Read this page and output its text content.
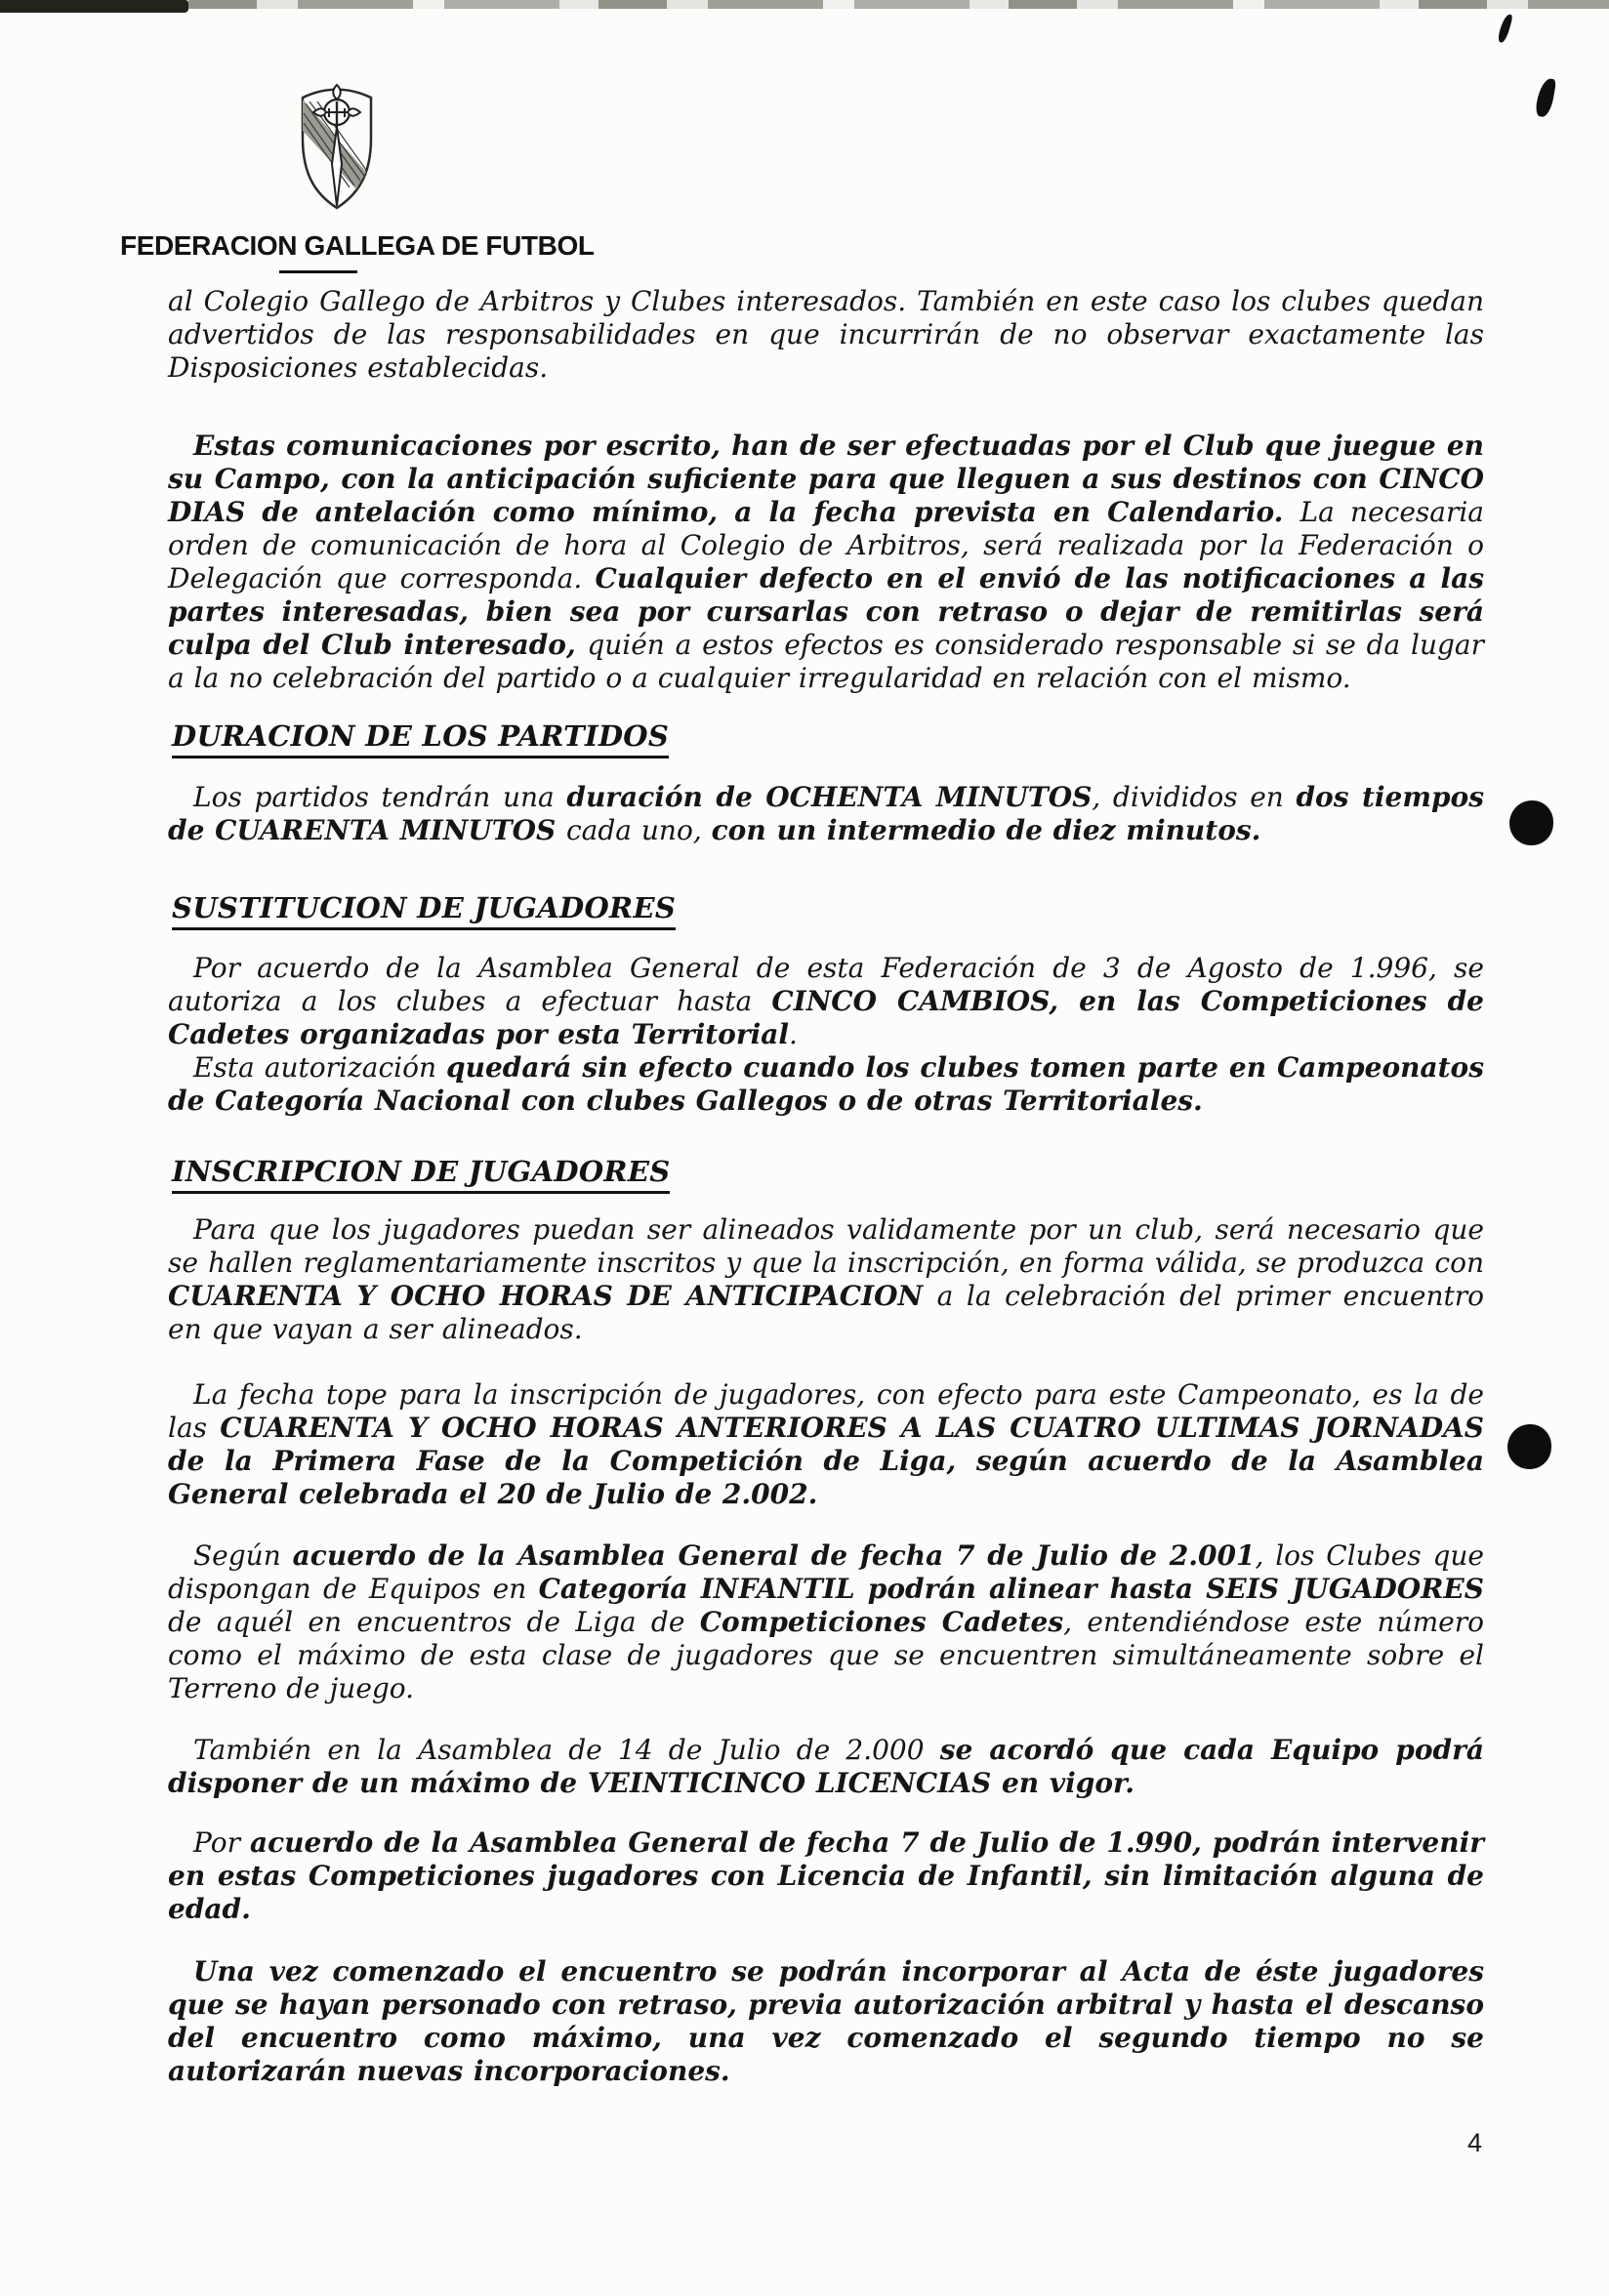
FEDERACION GALLEGA DE FUTBOL
al Colegio Gallego de Arbitros y Clubes interesados. También en este caso los clubes quedan advertidos de las responsabilidades en que incurrirán de no observar exactamente las Disposiciones establecidas.
Estas comunicaciones por escrito, han de ser efectuadas por el Club que juegue en su Campo, con la anticipación suficiente para que lleguen a sus destinos con CINCO DIAS de antelación como mínimo, a la fecha prevista en Calendario. La necesaria orden de comunicación de hora al Colegio de Arbitros, será realizada por la Federación o Delegación que corresponda. Cualquier defecto en el envió de las notificaciones a las partes interesadas, bien sea por cursarlas con retraso o dejar de remitirlas será culpa del Club interesado, quién a estos efectos es considerado responsable si se da lugar a la no celebración del partido o a cualquier irregularidad en relación con el mismo.
DURACION DE LOS PARTIDOS
Los partidos tendrán una duración de OCHENTA MINUTOS, divididos en dos tiempos de CUARENTA MINUTOS cada uno, con un intermedio de diez minutos.
SUSTITUCION DE JUGADORES
Por acuerdo de la Asamblea General de esta Federación de 3 de Agosto de 1.996, se autoriza a los clubes a efectuar hasta CINCO CAMBIOS, en las Competiciones de Cadetes organizadas por esta Territorial.
Esta autorización quedará sin efecto cuando los clubes tomen parte en Campeonatos de Categoría Nacional con clubes Gallegos o de otras Territoriales.
INSCRIPCION DE JUGADORES
Para que los jugadores puedan ser alineados validamente por un club, será necesario que se hallen reglamentariamente inscritos y que la inscripción, en forma válida, se produzca con CUARENTA Y OCHO HORAS DE ANTICIPACION a la celebración del primer encuentro en que vayan a ser alineados.
La fecha tope para la inscripción de jugadores, con efecto para este Campeonato, es la de las CUARENTA Y OCHO HORAS ANTERIORES A LAS CUATRO ULTIMAS JORNADAS de la Primera Fase de la Competición de Liga, según acuerdo de la Asamblea General celebrada el 20 de Julio de 2.002.
Según acuerdo de la Asamblea General de fecha 7 de Julio de 2.001, los Clubes que dispongan de Equipos en Categoría INFANTIL podrán alinear hasta SEIS JUGADORES de aquél en encuentros de Liga de Competiciones Cadetes, entendiéndose este número como el máximo de esta clase de jugadores que se encuentren simultáneamente sobre el Terreno de juego.
También en la Asamblea de 14 de Julio de 2.000 se acordó que cada Equipo podrá disponer de un máximo de VEINTICINCO LICENCIAS en vigor.
Por acuerdo de la Asamblea General de fecha 7 de Julio de 1.990, podrán intervenir en estas Competiciones jugadores con Licencia de Infantil, sin limitación alguna de edad.
Una vez comenzado el encuentro se podrán incorporar al Acta de éste jugadores que se hayan personado con retraso, previa autorización arbitral y hasta el descanso del encuentro como máximo, una vez comenzado el segundo tiempo no se autorizarán nuevas incorporaciones.
4
